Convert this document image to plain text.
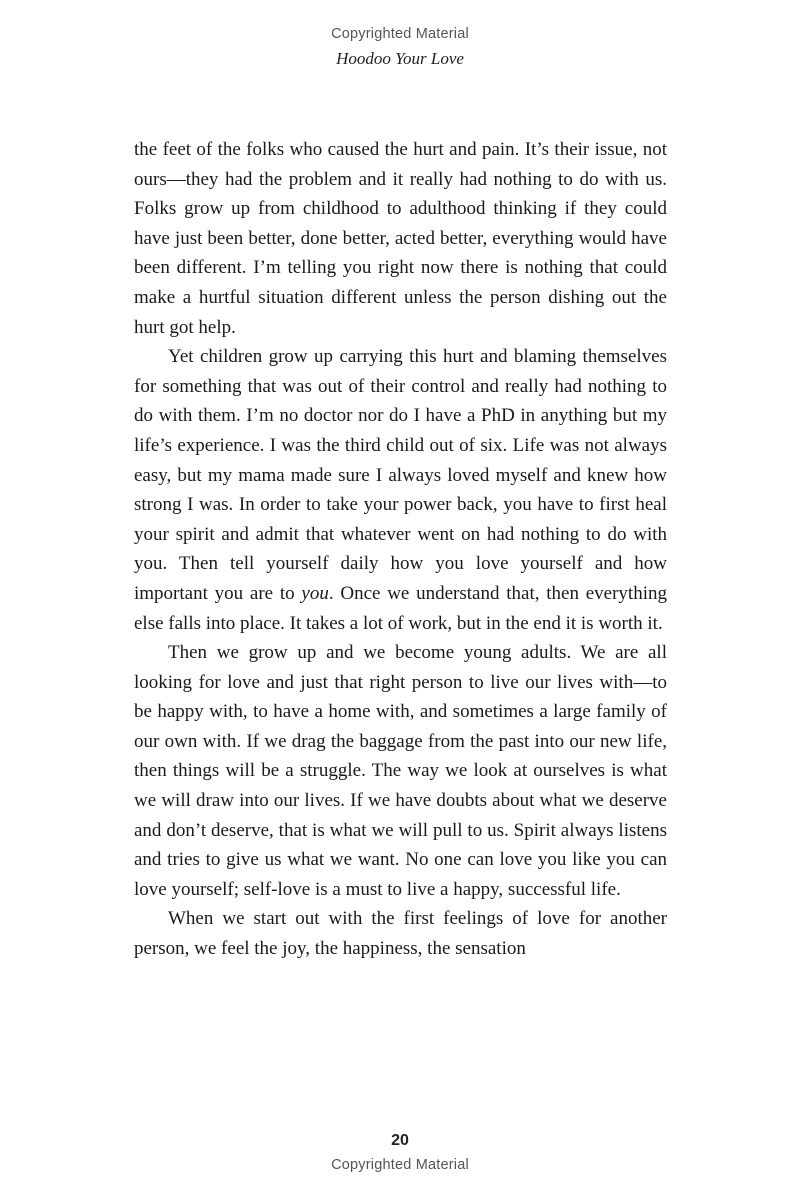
Copyrighted Material
Hoodoo Your Love

the feet of the folks who caused the hurt and pain. It’s their issue, not ours—they had the problem and it really had nothing to do with us. Folks grow up from childhood to adulthood thinking if they could have just been better, done better, acted better, everything would have been different. I’m telling you right now there is nothing that could make a hurtful situation different unless the person dishing out the hurt got help.

Yet children grow up carrying this hurt and blaming themselves for something that was out of their control and really had nothing to do with them. I’m no doctor nor do I have a PhD in anything but my life’s experience. I was the third child out of six. Life was not always easy, but my mama made sure I always loved myself and knew how strong I was. In order to take your power back, you have to first heal your spirit and admit that whatever went on had nothing to do with you. Then tell yourself daily how you love yourself and how important you are to you. Once we understand that, then everything else falls into place. It takes a lot of work, but in the end it is worth it.

Then we grow up and we become young adults. We are all looking for love and just that right person to live our lives with—to be happy with, to have a home with, and sometimes a large family of our own with. If we drag the baggage from the past into our new life, then things will be a struggle. The way we look at ourselves is what we will draw into our lives. If we have doubts about what we deserve and don’t deserve, that is what we will pull to us. Spirit always listens and tries to give us what we want. No one can love you like you can love yourself; self-love is a must to live a happy, successful life.

When we start out with the first feelings of love for another person, we feel the joy, the happiness, the sensation

20
Copyrighted Material
